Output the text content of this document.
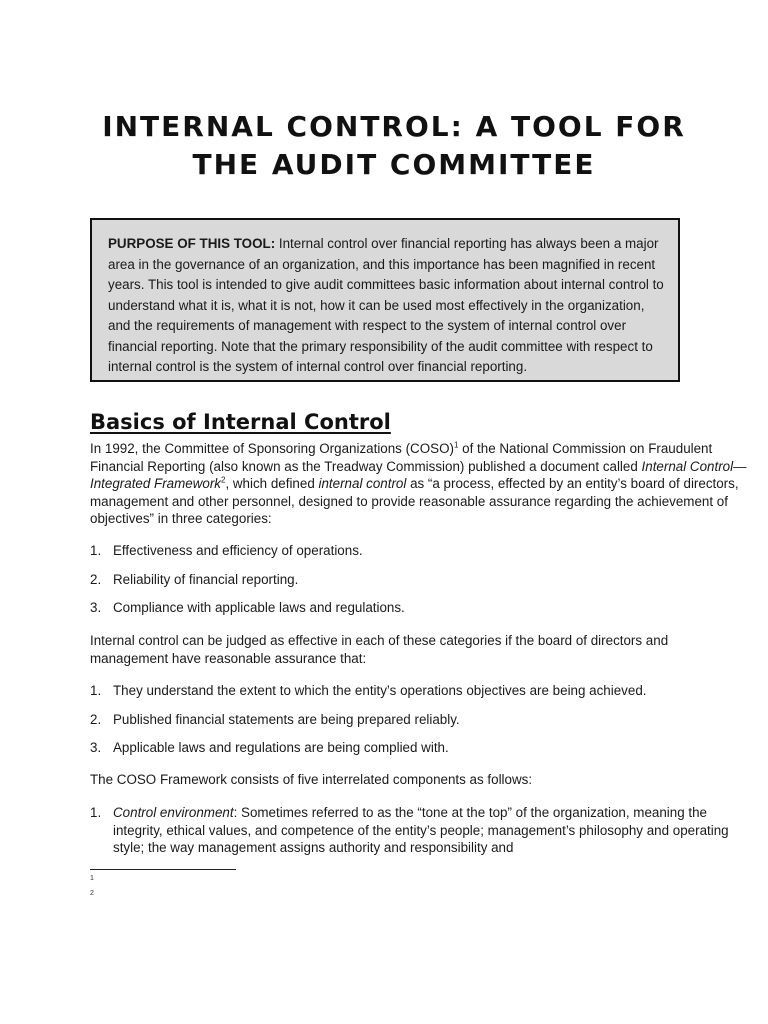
INTERNAL CONTROL: A TOOL FOR
THE AUDIT COMMITTEE
PURPOSE OF THIS TOOL: Internal control over financial reporting has always been a major area in the governance of an organization, and this importance has been magnified in recent years. This tool is intended to give audit committees basic information about internal control to understand what it is, what it is not, how it can be used most effectively in the organization, and the requirements of management with respect to the system of internal control over financial reporting. Note that the primary responsibility of the audit committee with respect to internal control is the system of internal control over financial reporting.
Basics of Internal Control

In 1992, the Committee of Sponsoring Organizations (COSO)$^1$ of the National Commission on Fraudulent Financial Reporting (also known as the Treadway Commission) published a document called Internal Control—Integrated Framework$^2$, which defined internal control as “a process, effected by an entity’s board of directors, management and other personnel, designed to provide reasonable assurance regarding the achievement of objectives” in three categories:

1. Effectiveness and efficiency of operations.
2. Reliability of financial reporting.
3. Compliance with applicable laws and regulations.

Internal control can be judged as effective in each of these categories if the board of directors and management have reasonable assurance that:

1. They understand the extent to which the entity’s operations objectives are being achieved.
2. Published financial statements are being prepared reliably.
3. Applicable laws and regulations are being complied with.

The COSO Framework consists of five interrelated components as follows:

1. Control environment: Sometimes referred to as the “tone at the top” of the organization, meaning the integrity, ethical values, and competence of the entity’s people; management’s philosophy and operating style; the way management assigns authority and responsibility and
1
2
